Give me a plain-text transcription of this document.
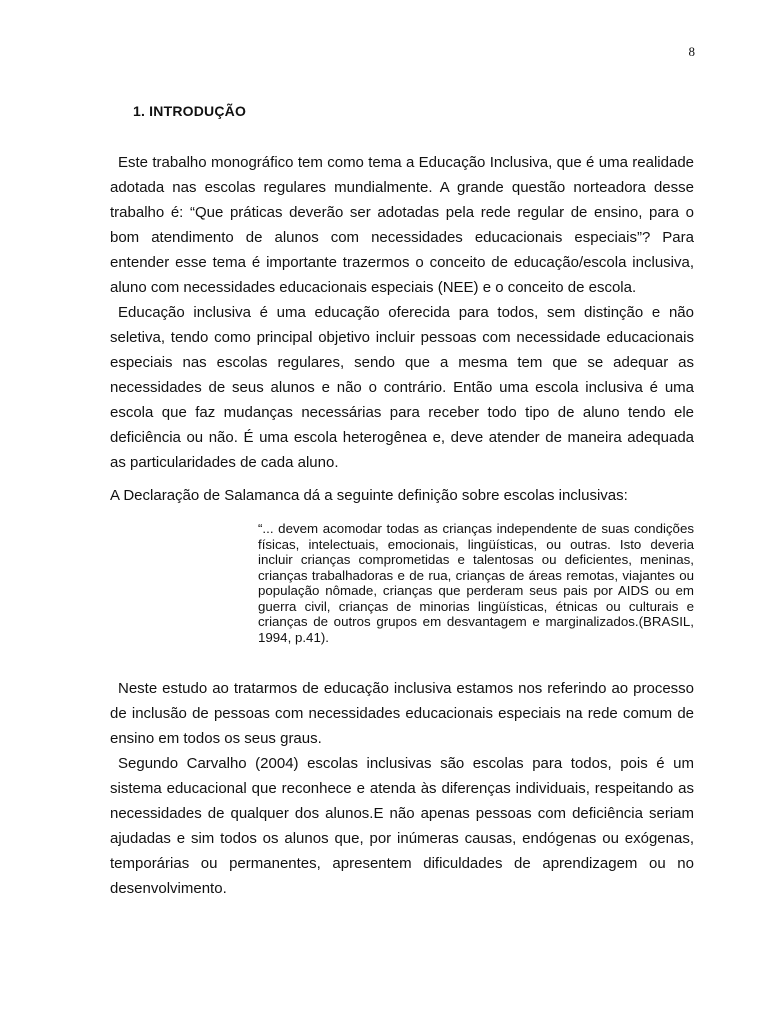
8
1. INTRODUÇÃO

Este trabalho monográfico tem como tema a Educação Inclusiva, que é uma realidade adotada nas escolas regulares mundialmente. A grande questão norteadora desse trabalho é: “Que práticas deverão ser adotadas pela rede regular de ensino, para o bom atendimento de alunos com necessidades educacionais especiais”? Para entender esse tema é importante trazermos o conceito de educação/escola inclusiva, aluno com necessidades educacionais especiais (NEE) e o conceito de escola.

Educação inclusiva é uma educação oferecida para todos, sem distinção e não seletiva, tendo como principal objetivo incluir pessoas com necessidade educacionais especiais nas escolas regulares, sendo que a mesma tem que se adequar as necessidades de seus alunos e não o contrário. Então uma escola inclusiva é uma escola que faz mudanças necessárias para receber todo tipo de aluno tendo ele deficiência ou não. É uma escola heterogênea e, deve atender de maneira adequada as particularidades de cada aluno.

A Declaração de Salamanca dá a seguinte definição sobre escolas inclusivas:

“... devem acomodar todas as crianças independente de suas condições físicas, intelectuais, emocionais, lingüísticas, ou outras. Isto deveria incluir crianças comprometidas e talentosas ou deficientes, meninas, crianças trabalhadoras e de rua, crianças de áreas remotas, viajantes ou população nômade, crianças que perderam seus pais por AIDS ou em guerra civil, crianças de minorias lingüísticas, étnicas ou culturais e crianças de outros grupos em desvantagem e marginalizados.(BRASIL, 1994, p.41).

Neste estudo ao tratarmos de educação inclusiva estamos nos referindo ao processo de inclusão de pessoas com necessidades educacionais especiais na rede comum de ensino em todos os seus graus.

Segundo Carvalho (2004) escolas inclusivas são escolas para todos, pois é um sistema educacional que reconhece e atenda às diferenças individuais, respeitando as necessidades de qualquer dos alunos.E não apenas pessoas com deficiência seriam ajudadas e sim todos os alunos que, por inúmeras causas, endógenas ou exógenas, temporárias ou permanentes, apresentem dificuldades de aprendizagem ou no desenvolvimento.
